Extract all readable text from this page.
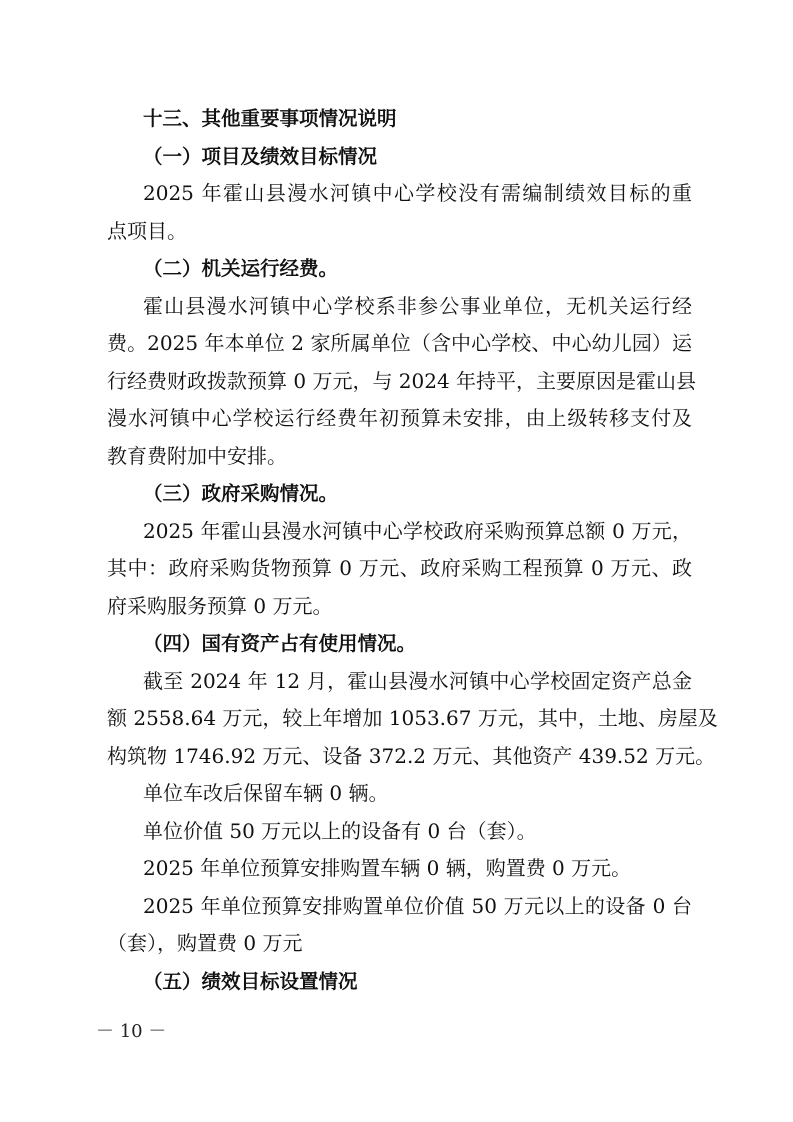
十三、其他重要事项情况说明
（一）项目及绩效目标情况
2025 年霍山县漫水河镇中心学校没有需编制绩效目标的重
点项目。
（二）机关运行经费。
霍山县漫水河镇中心学校系非参公事业单位，无机关运行经
费。2025 年本单位 2 家所属单位（含中心学校、中心幼儿园）运
行经费财政拨款预算 0 万元，与 2024 年持平，主要原因是霍山县
漫水河镇中心学校运行经费年初预算未安排，由上级转移支付及
教育费附加中安排。
（三）政府采购情况。
2025 年霍山县漫水河镇中心学校政府采购预算总额 0 万元，
其中：政府采购货物预算 0 万元、政府采购工程预算 0 万元、政
府采购服务预算 0 万元。
（四）国有资产占有使用情况。
截至 2024 年 12 月，霍山县漫水河镇中心学校固定资产总金
额 2558.64 万元，较上年增加 1053.67 万元，其中，土地、房屋及
构筑物 1746.92 万元、设备 372.2 万元、其他资产 439.52 万元。
单位车改后保留车辆 0 辆。
单位价值 50 万元以上的设备有 0 台（套）。
2025 年单位预算安排购置车辆 0 辆，购置费 0 万元。
2025 年单位预算安排购置单位价值 50 万元以上的设备 0 台
（套），购置费 0 万元
（五）绩效目标设置情况
－ 10 －
